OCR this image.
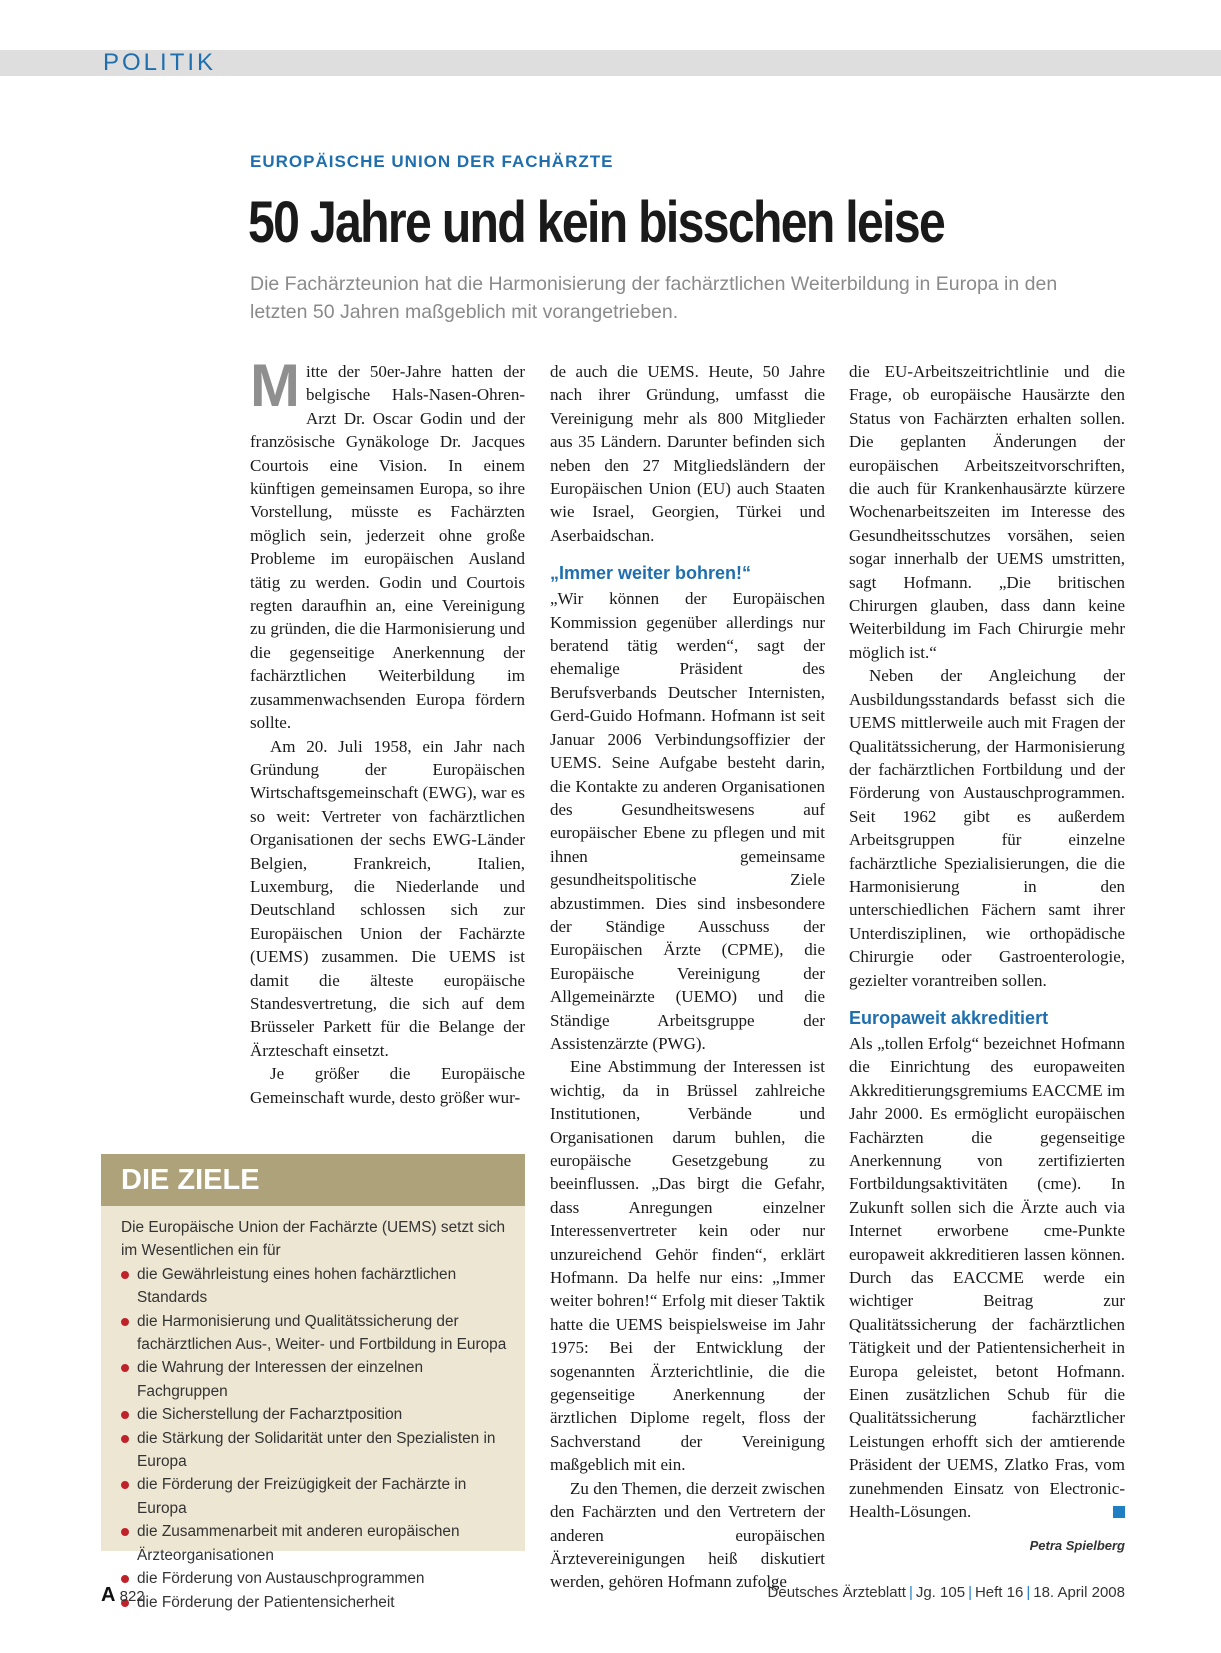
POLITIK
EUROPÄISCHE UNION DER FACHÄRZTE
50 Jahre und kein bisschen leise
Die Fachärzteunion hat die Harmonisierung der fachärztlichen Weiterbildung in Europa in den letzten 50 Jahren maßgeblich mit vorangetrieben.

Mitte der 50er-Jahre hatten der belgische Hals-Nasen-Ohren-Arzt Dr. Oscar Godin und der französische Gynäkologe Dr. Jacques Courtois eine Vision. In einem künftigen gemeinsamen Europa, so ihre Vorstellung, müsste es Fachärzten möglich sein, jederzeit ohne große Probleme im europäischen Ausland tätig zu werden. Godin und Courtois regten daraufhin an, eine Vereinigung zu gründen, die die Harmonisierung und die gegenseitige Anerkennung der fachärztlichen Weiterbildung im zusammenwachsenden Europa fördern sollte.

Am 20. Juli 1958, ein Jahr nach Gründung der Europäischen Wirtschaftsgemeinschaft (EWG), war es so weit: Vertreter von fachärztlichen Organisationen der sechs EWG-Länder Belgien, Frankreich, Italien, Luxemburg, die Niederlande und Deutschland schlossen sich zur Europäischen Union der Fachärzte (UEMS) zusammen. Die UEMS ist damit die älteste europäische Standesvertretung, die sich auf dem Brüsseler Parkett für die Belange der Ärzteschaft einsetzt.

Je größer die Europäische Gemeinschaft wurde, desto größer wur-

de auch die UEMS. Heute, 50 Jahre nach ihrer Gründung, umfasst die Vereinigung mehr als 800 Mitglieder aus 35 Ländern. Darunter befinden sich neben den 27 Mitgliedsländern der Europäischen Union (EU) auch Staaten wie Israel, Georgien, Türkei und Aserbaidschan.

„Immer weiter bohren!“

„Wir können der Europäischen Kommission gegenüber allerdings nur beratend tätig werden“, sagt der ehemalige Präsident des Berufsverbands Deutscher Internisten, Gerd-Guido Hofmann. Hofmann ist seit Januar 2006 Verbindungsoffizier der UEMS. Seine Aufgabe besteht darin, die Kontakte zu anderen Organisationen des Gesundheitswesens auf europäischer Ebene zu pflegen und mit ihnen gemeinsame gesundheitspolitische Ziele abzustimmen. Dies sind insbesondere der Ständige Ausschuss der Europäischen Ärzte (CPME), die Europäische Vereinigung der Allgemeinärzte (UEMO) und die Ständige Arbeitsgruppe der Assistenzärzte (PWG).

Eine Abstimmung der Interessen ist wichtig, da in Brüssel zahlreiche Institutionen, Verbände und Organisationen darum buhlen, die europäische Gesetzgebung zu beeinflussen. „Das birgt die Gefahr, dass Anregungen einzelner Interessenvertreter kein oder nur unzureichend Gehör finden“, erklärt Hofmann. Da helfe nur eins: „Immer weiter bohren!“ Erfolg mit dieser Taktik hatte die UEMS beispielsweise im Jahr 1975: Bei der Entwicklung der sogenannten Ärzterichtlinie, die die gegenseitige Anerkennung der ärztlichen Diplome regelt, floss der Sachverstand der Vereinigung maßgeblich mit ein.

Zu den Themen, die derzeit zwischen den Fachärzten und den Vertretern der anderen europäischen Ärztevereinigungen heiß diskutiert werden, gehören Hofmann zufolge

die EU-Arbeitszeitrichtlinie und die Frage, ob europäische Hausärzte den Status von Fachärzten erhalten sollen. Die geplanten Änderungen der europäischen Arbeitszeitvorschriften, die auch für Krankenhausärzte kürzere Wochenarbeitszeiten im Interesse des Gesundheitsschutzes vorsähen, seien sogar innerhalb der UEMS umstritten, sagt Hofmann. „Die britischen Chirurgen glauben, dass dann keine Weiterbildung im Fach Chirurgie mehr möglich ist.“

Neben der Angleichung der Ausbildungsstandards befasst sich die UEMS mittlerweile auch mit Fragen der Qualitätssicherung, der Harmonisierung der fachärztlichen Fortbildung und der Förderung von Austauschprogrammen. Seit 1962 gibt es außerdem Arbeitsgruppen für einzelne fachärztliche Spezialisierungen, die die Harmonisierung in den unterschiedlichen Fächern samt ihrer Unterdisziplinen, wie orthopädische Chirurgie oder Gastroenterologie, gezielter vorantreiben sollen.

Europaweit akkreditiert

Als „tollen Erfolg“ bezeichnet Hofmann die Einrichtung des europaweiten Akkreditierungsgremiums EACCME im Jahr 2000. Es ermöglicht europäischen Fachärzten die gegenseitige Anerkennung von zertifizierten Fortbildungsaktivitäten (cme). In Zukunft sollen sich die Ärzte auch via Internet erworbene cme-Punkte europaweit akkreditieren lassen können. Durch das EACCME werde ein wichtiger Beitrag zur Qualitätssicherung der fachärztlichen Tätigkeit und der Patientensicherheit in Europa geleistet, betont Hofmann. Einen zusätzlichen Schub für die Qualitätssicherung fachärztlicher Leistungen erhofft sich der amtierende Präsident der UEMS, Zlatko Fras, vom zunehmenden Einsatz von Electronic-Health-Lösungen.

Petra Spielberg
DIE ZIELE

Die Europäische Union der Fachärzte (UEMS) setzt sich im Wesentlichen ein für

die Gewährleistung eines hohen fachärztlichen Standards
die Harmonisierung und Qualitätssicherung der fachärztlichen Aus-, Weiter- und Fortbildung in Europa
die Wahrung der Interessen der einzelnen Fachgruppen
die Sicherstellung der Facharztposition
die Stärkung der Solidarität unter den Spezialisten in Europa
die Förderung der Freizügigkeit der Fachärzte in Europa
die Zusammenarbeit mit anderen europäischen Ärzteorganisationen
die Förderung von Austauschprogrammen
die Förderung der Patientensicherheit
A 822	Deutsches Ärzteblatt | Jg. 105 | Heft 16 | 18. April 2008
